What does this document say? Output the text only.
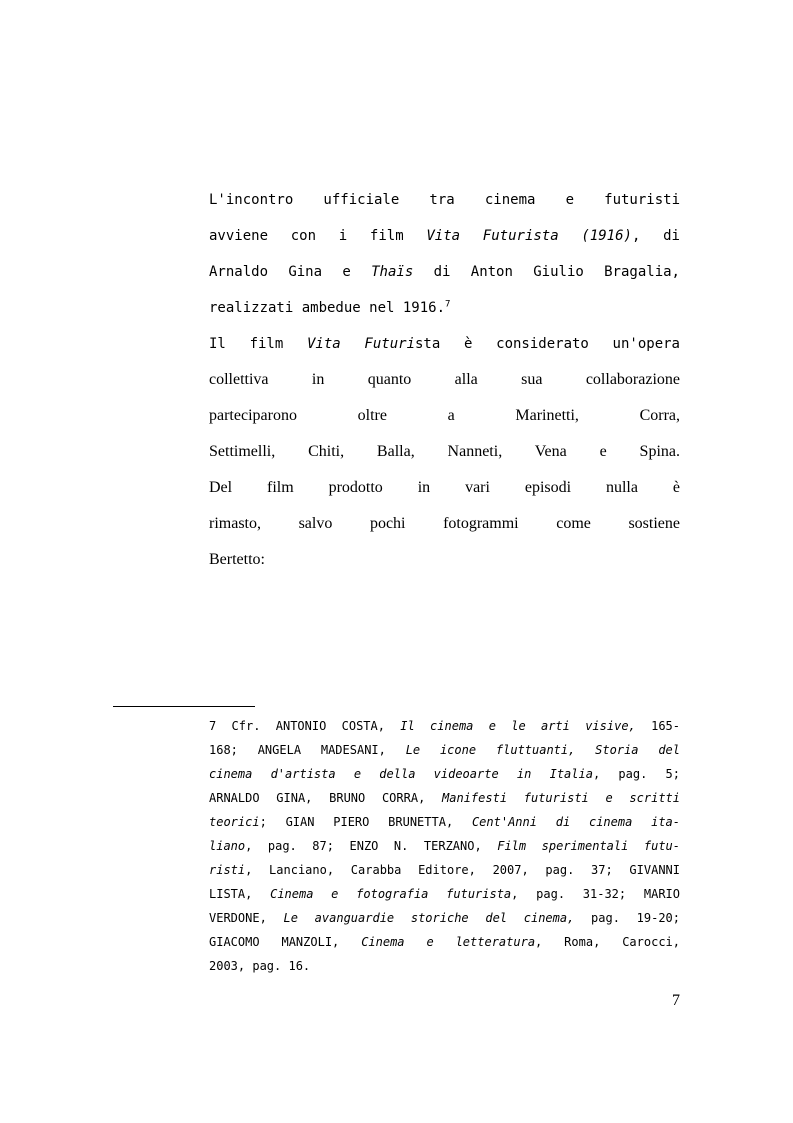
L'incontro ufficiale tra cinema e futuristi
avviene con i film Vita Futurista (1916), di
Arnaldo Gina e Thaïs di Anton Giulio Bragalia,
realizzati ambedue nel 1916.$^7$
Il film Vita Futurista è considerato un'opera
collettiva in quanto alla sua collaborazione
parteciparono oltre a Marinetti, Corra,
Settimelli, Chiti, Balla, Nanneti, Vena e Spina.
Del film prodotto in vari episodi nulla è
rimasto, salvo pochi fotogrammi come sostiene
Bertetto:
7 Cfr. ANTONIO COSTA, Il cinema e le arti visive, 165-
168; ANGELA MADESANI, Le icone fluttuanti, Storia del
cinema d'artista e della videoarte in Italia, pag. 5;
ARNALDO GINA, BRUNO CORRA, Manifesti futuristi e scritti
teorici; GIAN PIERO BRUNETTA, Cent'Anni di cinema ita-
liano, pag. 87; ENZO N. TERZANO, Film sperimentali futu-
risti, Lanciano, Carabba Editore, 2007, pag. 37; GIVANNI
LISTA, Cinema e fotografia futurista, pag. 31-32; MARIO
VERDONE, Le avanguardie storiche del cinema, pag. 19-20;
GIACOMO MANZOLI, Cinema e letteratura, Roma, Carocci,
2003, pag. 16.
7
